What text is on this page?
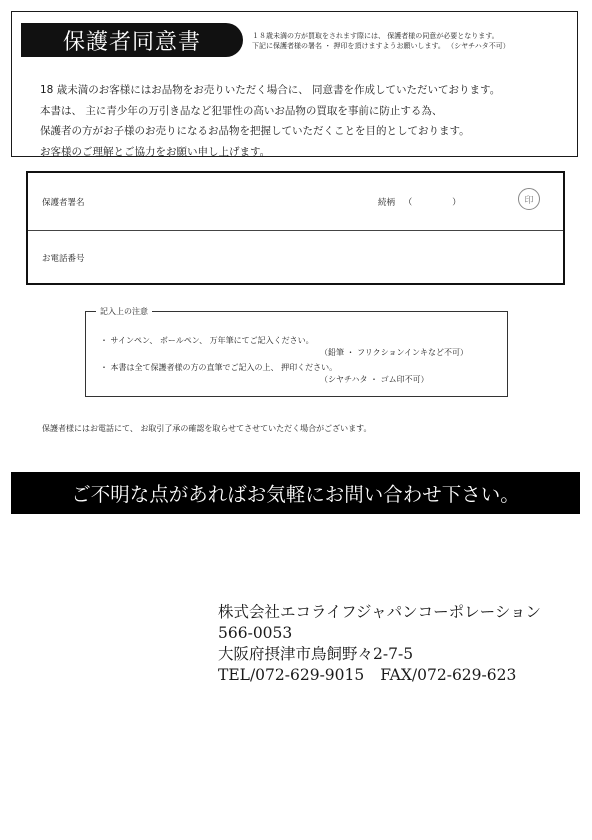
保護者同意書	１８歳未満の方が買取をされます際には、 保護者様の同意が必要となります。
下記に保護者様の署名 ・ 押印を頂けますようお願いします。 （シヤチハタ不可）
18 歳未満のお客様にはお品物をお売りいただく場合に、 同意書を作成していただいております。
本書は、 主に青少年の万引き品など犯罪性の高いお品物の買取を事前に防止する為、
保護者の方がお子様のお売りになるお品物を把握していただくことを目的としております。
お客様のご理解とご協力をお願い申し上げます。
保護者署名	続柄 （	）	印
お電話番号
記入上の注意
・ サインペン、 ボールペン、 万年筆にてご記入ください。
（鉛筆 ・ フリクションインキなど不可）
・ 本書は全て保護者様の方の直筆でご記入の上、 押印ください。
（シヤチハタ ・ ゴム印不可）
保護者様にはお電話にて、 お取引了承の確認を取らせてさせていただく場合がございます。
ご不明な点があればお気軽にお問い合わせ下さい。
株式会社エコライフジャパンコーポレーション
566-0053
大阪府摂津市鳥飼野々2-7-5
TEL/072-629-9015 FAX/072-629-623
